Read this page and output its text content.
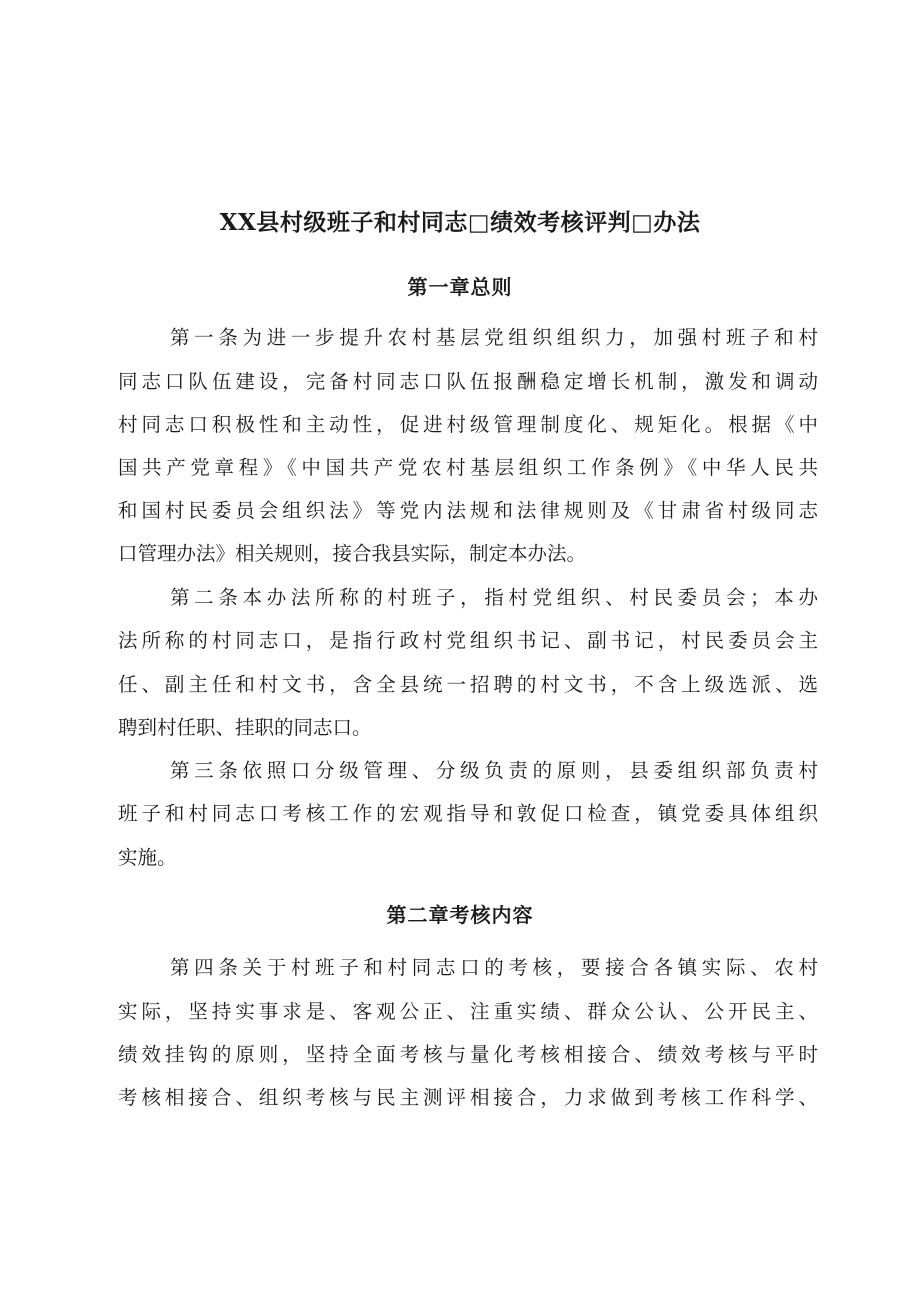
XX县村级班子和村同志□绩效考核评判□办法
第一章总则

第一条为进一步提升农村基层党组织组织力，加强村班子和村

同志口队伍建设，完备村同志口队伍报酬稳定增长机制，激发和调动

村同志口积极性和主动性，促进村级管理制度化、规矩化。根据《中

国共产党章程》《中国共产党农村基层组织工作条例》《中华人民共

和国村民委员会组织法》等党内法规和法律规则及《甘肃省村级同志

口管理办法》相关规则，接合我县实际，制定本办法。

第二条本办法所称的村班子，指村党组织、村民委员会；本办

法所称的村同志口，是指行政村党组织书记、副书记，村民委员会主

任、副主任和村文书，含全县统一招聘的村文书，不含上级选派、选

聘到村任职、挂职的同志口。

第三条依照口分级管理、分级负责的原则，县委组织部负责村

班子和村同志口考核工作的宏观指导和敦促口检查，镇党委具体组织

实施。

第二章考核内容

第四条关于村班子和村同志口的考核，要接合各镇实际、农村

实际，坚持实事求是、客观公正、注重实绩、群众公认、公开民主、

绩效挂钩的原则，坚持全面考核与量化考核相接合、绩效考核与平时

考核相接合、组织考核与民主测评相接合，力求做到考核工作科学、
